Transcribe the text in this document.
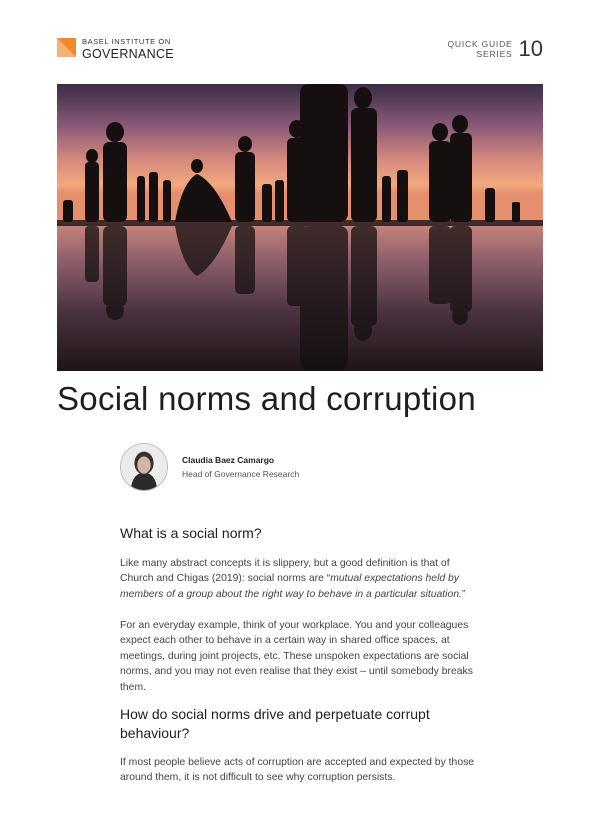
BASEL INSTITUTE ON
GOVERNANCE
QUICK GUIDE
SERIES 10
Social norms and corruption
Claudia Baez Camargo
Head of Governance Research
What is a social norm?

Like many abstract concepts it is slippery, but a good definition is that of Church and Chigas (2019): social norms are “mutual expectations held by members of a group about the right way to behave in a particular situation.”

For an everyday example, think of your workplace. You and your colleagues expect each other to behave in a certain way in shared office spaces, at meetings, during joint projects, etc. These unspoken expectations are social norms, and you may not even realise that they exist – until somebody breaks them.

How do social norms drive and perpetuate corrupt behaviour?

If most people believe acts of corruption are accepted and expected by those around them, it is not difficult to see why corruption persists.
